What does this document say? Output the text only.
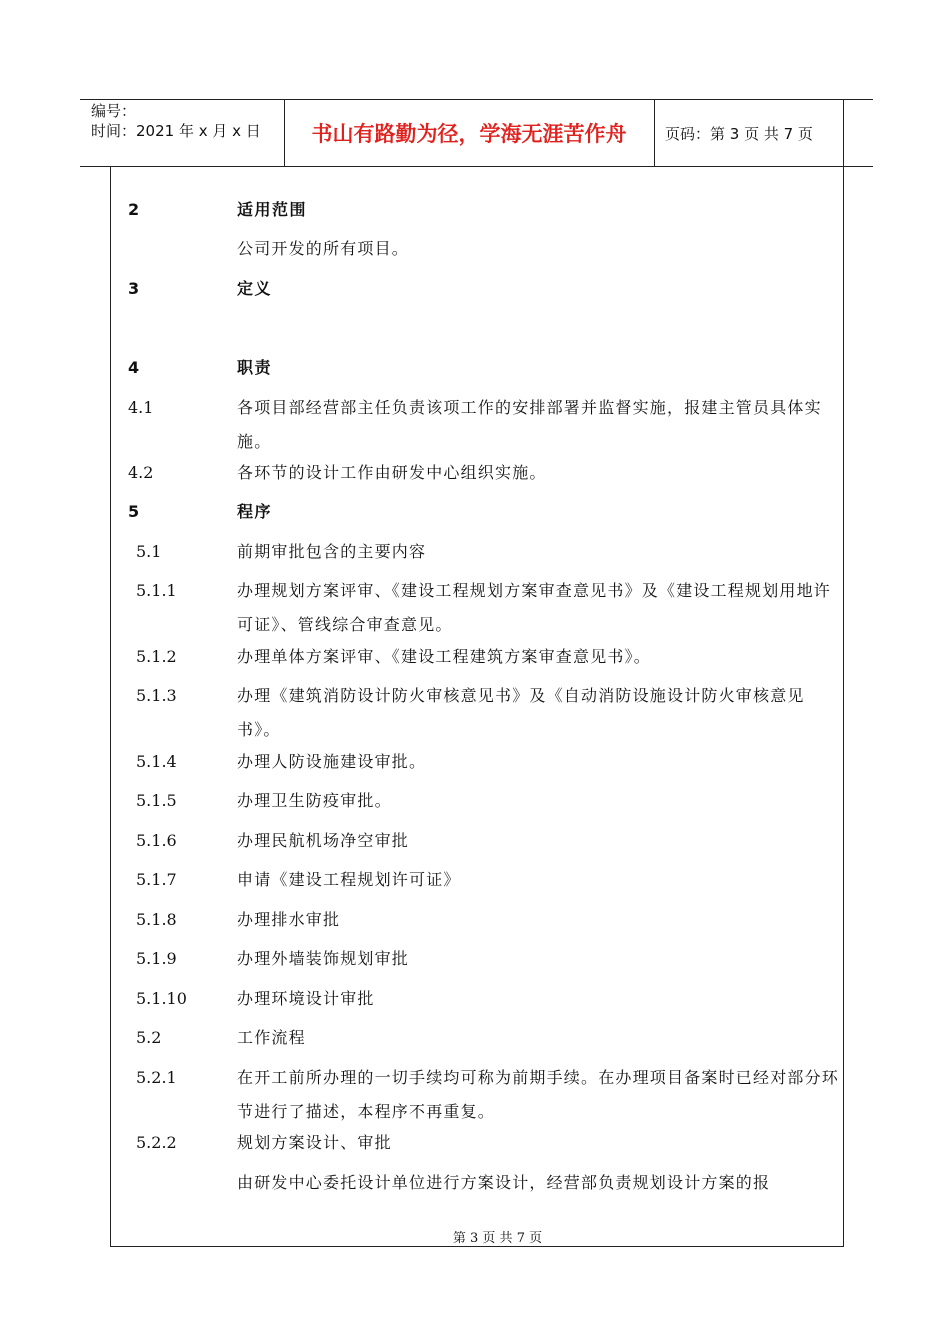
编号：
时间：2021 年 x 月 x 日	书山有路勤为径，学海无涯苦作舟	页码：第 3 页 共 7 页
2	适用范围
公司开发的所有项目。
3	定义
4	职责
4.1	各项目部经营部主任负责该项工作的安排部署并监督实施，报建主管员具体实施。
4.2	各环节的设计工作由研发中心组织实施。
5	程序
5.1	前期审批包含的主要内容
5.1.1	办理规划方案评审、《建设工程规划方案审查意见书》及《建设工程规划用地许可证》、管线综合审查意见。
5.1.2	办理单体方案评审、《建设工程建筑方案审查意见书》。
5.1.3	办理《建筑消防设计防火审核意见书》及《自动消防设施设计防火审核意见书》。
5.1.4	办理人防设施建设审批。
5.1.5	办理卫生防疫审批。
5.1.6	办理民航机场净空审批
5.1.7	申请《建设工程规划许可证》
5.1.8	办理排水审批
5.1.9	办理外墙装饰规划审批
5.1.10	办理环境设计审批
5.2	工作流程
5.2.1	在开工前所办理的一切手续均可称为前期手续。在办理项目备案时已经对部分环节进行了描述，本程序不再重复。
5.2.2	规划方案设计、审批
由研发中心委托设计单位进行方案设计，经营部负责规划设计方案的报
第 3 页 共 7 页
